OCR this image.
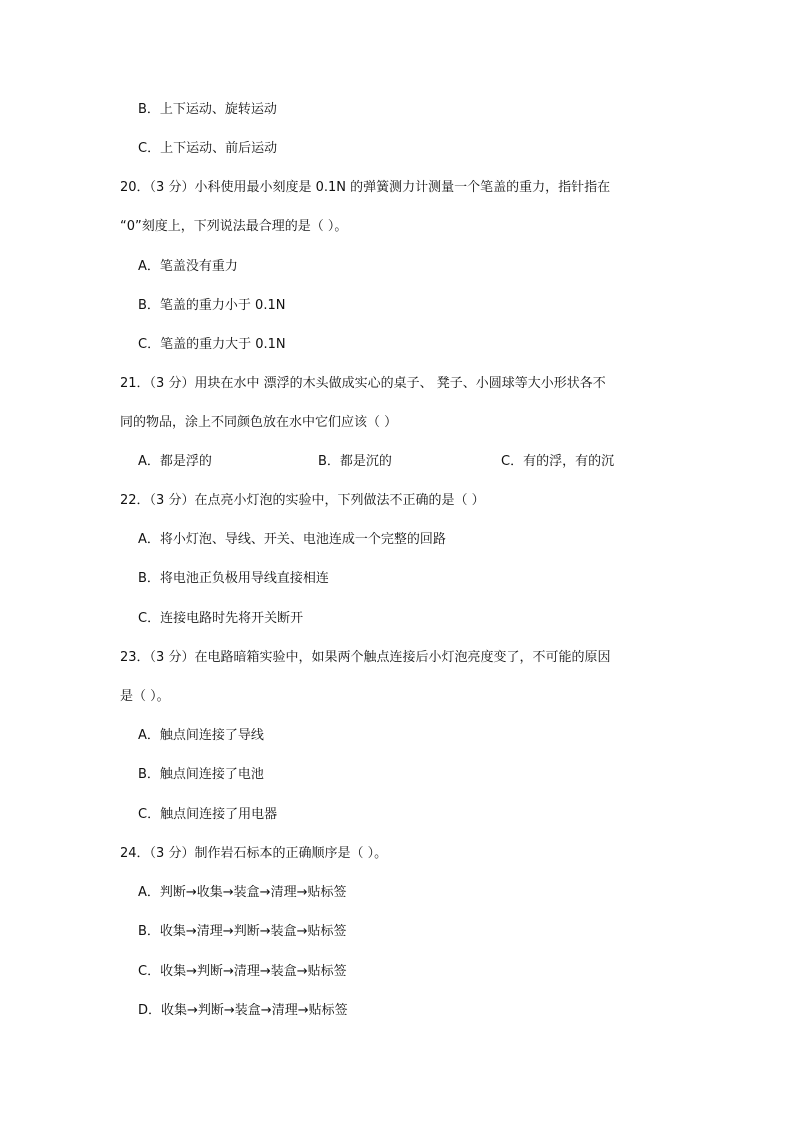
B．上下运动、旋转运动
C．上下运动、前后运动
20．（3 分）小科使用最小刻度是 0.1N 的弹簧测力计测量一个笔盖的重力，指针指在
“0”刻度上，下列说法最合理的是（ ）。
A．笔盖没有重力
B．笔盖的重力小于 0.1N
C．笔盖的重力大于 0.1N
21．（3 分）用块在水中 漂浮的木头做成实心的桌子、 凳子、小圆球等大小形状各不
同的物品，涂上不同颜色放在水中它们应该（ ）
A．都是浮的	B．都是沉的	C．有的浮，有的沉
22．（3 分）在点亮小灯泡的实验中，下列做法不正确的是（ ）
A．将小灯泡、导线、开关、电池连成一个完整的回路
B．将电池正负极用导线直接相连
C．连接电路时先将开关断开
23．（3 分）在电路暗箱实验中，如果两个触点连接后小灯泡亮度变了，不可能的原因
是（ ）。
A．触点间连接了导线
B．触点间连接了电池
C．触点间连接了用电器
24．（3 分）制作岩石标本的正确顺序是（ ）。
A．判断→收集→装盒→清理→贴标签
B．收集→清理→判断→装盒→贴标签
C．收集→判断→清理→装盒→贴标签
D．收集→判断→装盒→清理→贴标签
